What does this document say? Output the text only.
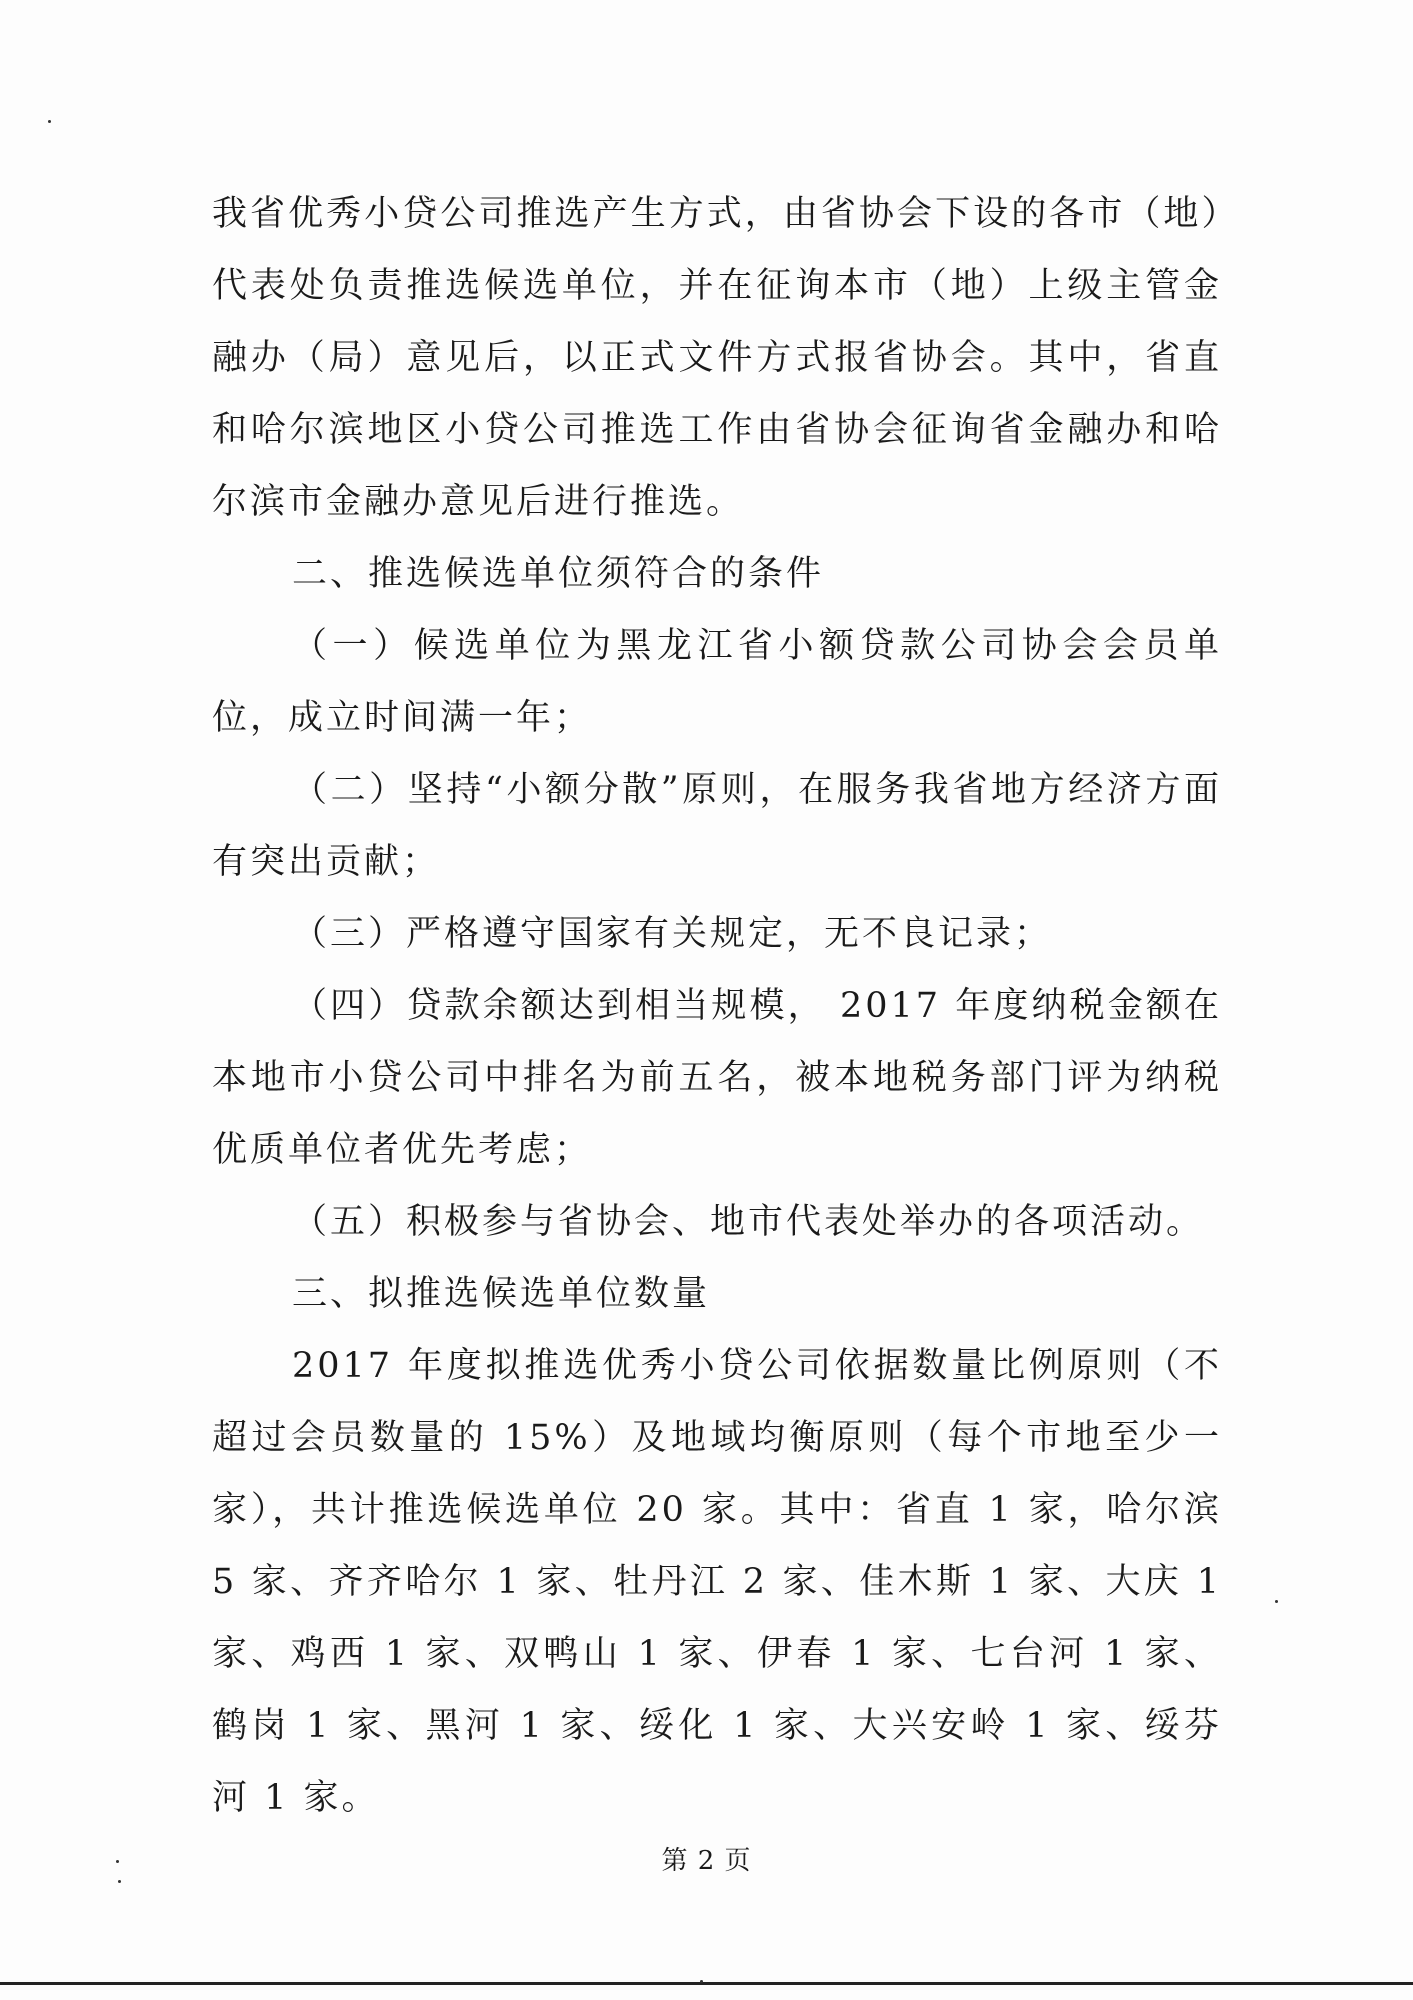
我省优秀小贷公司推选产生方式，由省协会下设的各市（地）代表处负责推选候选单位，并在征询本市（地）上级主管金融办（局）意见后，以正式文件方式报省协会。其中，省直和哈尔滨地区小贷公司推选工作由省协会征询省金融办和哈尔滨市金融办意见后进行推选。

二、推选候选单位须符合的条件

（一）候选单位为黑龙江省小额贷款公司协会会员单位，成立时间满一年；

（二）坚持“小额分散”原则，在服务我省地方经济方面有突出贡献；

（三）严格遵守国家有关规定，无不良记录；

（四）贷款余额达到相当规模， 2017 年度纳税金额在本地市小贷公司中排名为前五名，被本地税务部门评为纳税优质单位者优先考虑；

（五）积极参与省协会、地市代表处举办的各项活动。

三、拟推选候选单位数量

2017 年度拟推选优秀小贷公司依据数量比例原则（不超过会员数量的 15%）及地域均衡原则（每个市地至少一家），共计推选候选单位 20 家。其中：省直 1 家，哈尔滨 5 家、齐齐哈尔 1 家、牡丹江 2 家、佳木斯 1 家、大庆 1 家、鸡西 1 家、双鸭山 1 家、伊春 1 家、七台河 1 家、鹤岗 1 家、黑河 1 家、绥化 1 家、大兴安岭 1 家、绥芬河 1 家。

第 2 页
